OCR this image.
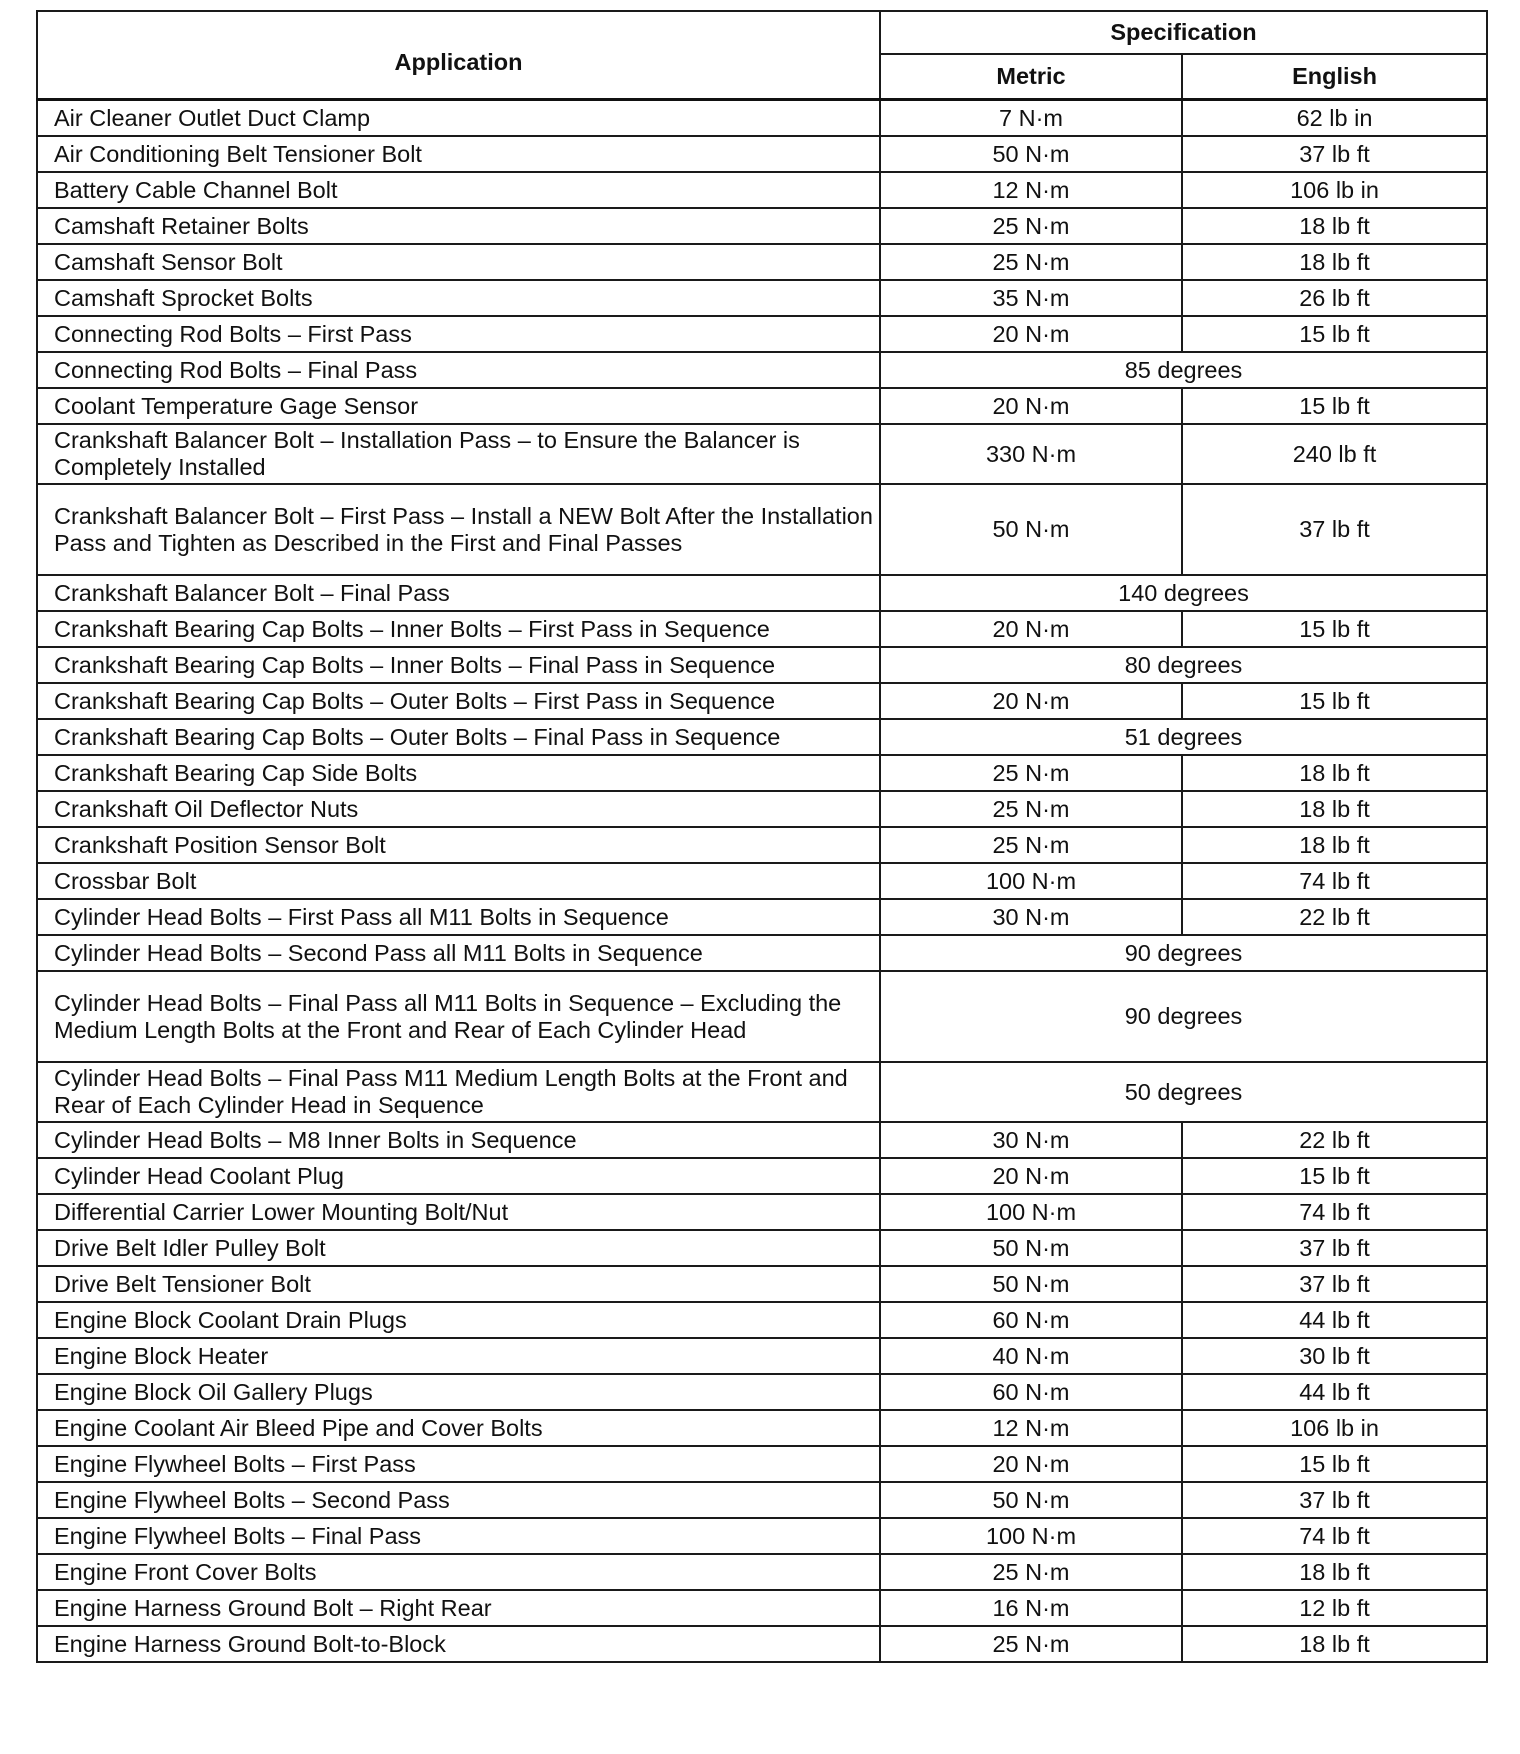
Application	Specification	
	Metric	English
Air Cleaner Outlet Duct Clamp	7 N·m	62 lb in
Air Conditioning Belt Tensioner Bolt	50 N·m	37 lb ft
Battery Cable Channel Bolt	12 N·m	106 lb in
Camshaft Retainer Bolts	25 N·m	18 lb ft
Camshaft Sensor Bolt	25 N·m	18 lb ft
Camshaft Sprocket Bolts	35 N·m	26 lb ft
Connecting Rod Bolts – First Pass	20 N·m	15 lb ft
Connecting Rod Bolts – Final Pass	85 degrees	
Coolant Temperature Gage Sensor	20 N·m	15 lb ft
Crankshaft Balancer Bolt – Installation Pass – to Ensure the Balancer is Completely Installed	330 N·m	240 lb ft
Crankshaft Balancer Bolt – First Pass – Install a NEW Bolt After the Installation Pass and Tighten as Described in the First and Final Passes	50 N·m	37 lb ft
Crankshaft Balancer Bolt – Final Pass	140 degrees	
Crankshaft Bearing Cap Bolts – Inner Bolts – First Pass in Sequence	20 N·m	15 lb ft
Crankshaft Bearing Cap Bolts – Inner Bolts – Final Pass in Sequence	80 degrees	
Crankshaft Bearing Cap Bolts – Outer Bolts – First Pass in Sequence	20 N·m	15 lb ft
Crankshaft Bearing Cap Bolts – Outer Bolts – Final Pass in Sequence	51 degrees	
Crankshaft Bearing Cap Side Bolts	25 N·m	18 lb ft
Crankshaft Oil Deflector Nuts	25 N·m	18 lb ft
Crankshaft Position Sensor Bolt	25 N·m	18 lb ft
Crossbar Bolt	100 N·m	74 lb ft
Cylinder Head Bolts – First Pass all M11 Bolts in Sequence	30 N·m	22 lb ft
Cylinder Head Bolts – Second Pass all M11 Bolts in Sequence	90 degrees	
Cylinder Head Bolts – Final Pass all M11 Bolts in Sequence – Excluding the Medium Length Bolts at the Front and Rear of Each Cylinder Head	90 degrees	
Cylinder Head Bolts – Final Pass M11 Medium Length Bolts at the Front and Rear of Each Cylinder Head in Sequence	50 degrees	
Cylinder Head Bolts – M8 Inner Bolts in Sequence	30 N·m	22 lb ft
Cylinder Head Coolant Plug	20 N·m	15 lb ft
Differential Carrier Lower Mounting Bolt/Nut	100 N·m	74 lb ft
Drive Belt Idler Pulley Bolt	50 N·m	37 lb ft
Drive Belt Tensioner Bolt	50 N·m	37 lb ft
Engine Block Coolant Drain Plugs	60 N·m	44 lb ft
Engine Block Heater	40 N·m	30 lb ft
Engine Block Oil Gallery Plugs	60 N·m	44 lb ft
Engine Coolant Air Bleed Pipe and Cover Bolts	12 N·m	106 lb in
Engine Flywheel Bolts – First Pass	20 N·m	15 lb ft
Engine Flywheel Bolts – Second Pass	50 N·m	37 lb ft
Engine Flywheel Bolts – Final Pass	100 N·m	74 lb ft
Engine Front Cover Bolts	25 N·m	18 lb ft
Engine Harness Ground Bolt – Right Rear	16 N·m	12 lb ft
Engine Harness Ground Bolt-to-Block	25 N·m	18 lb ft
